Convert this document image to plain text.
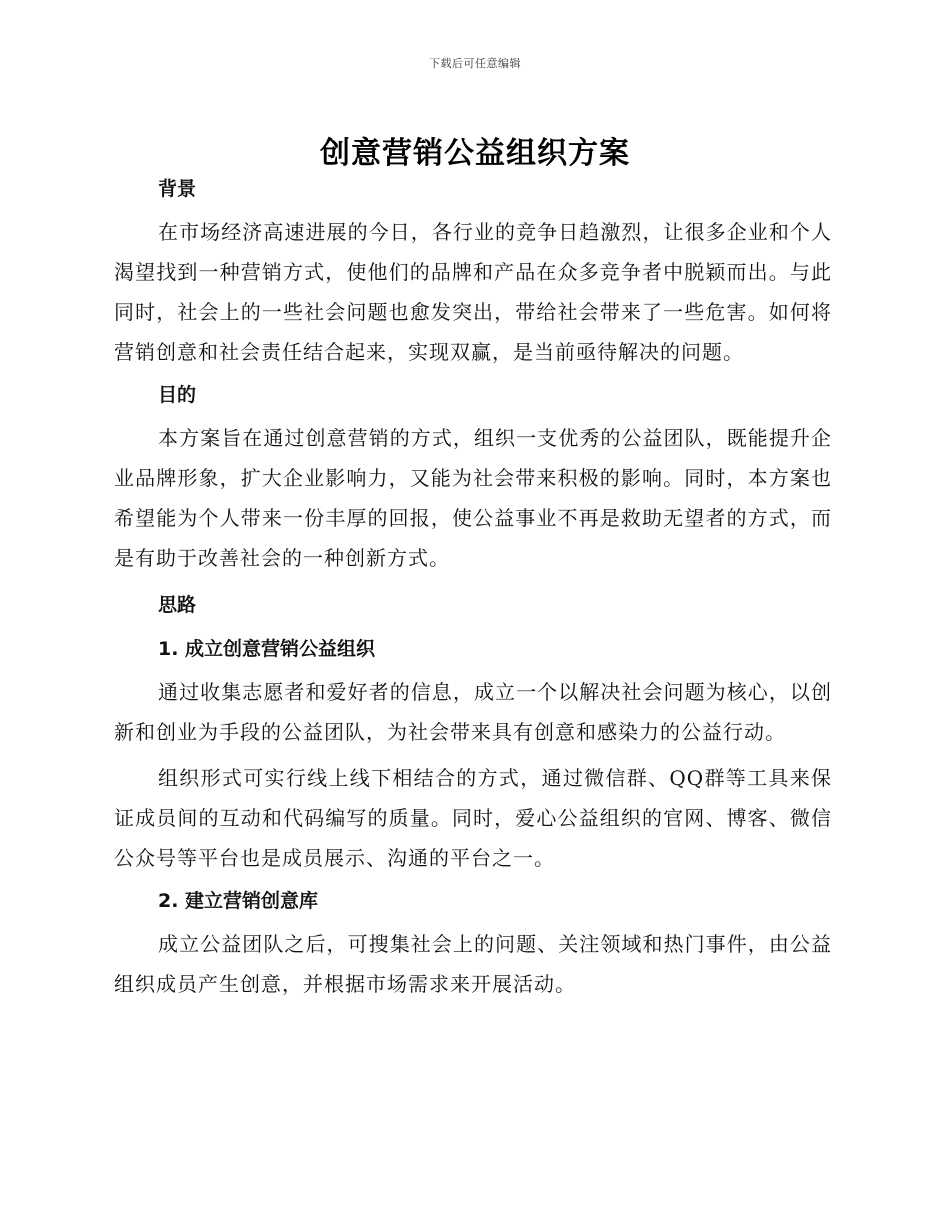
下载后可任意编辑
创意营销公益组织方案
背景

在市场经济高速进展的今日，各行业的竞争日趋激烈，让很多企业和个人渴望找到一种营销方式，使他们的品牌和产品在众多竞争者中脱颖而出。与此同时，社会上的一些社会问题也愈发突出，带给社会带来了一些危害。如何将营销创意和社会责任结合起来，实现双赢，是当前亟待解决的问题。

目的

本方案旨在通过创意营销的方式，组织一支优秀的公益团队，既能提升企业品牌形象，扩大企业影响力，又能为社会带来积极的影响。同时，本方案也希望能为个人带来一份丰厚的回报，使公益事业不再是救助无望者的方式，而是有助于改善社会的一种创新方式。

思路
1. 成立创意营销公益组织

通过收集志愿者和爱好者的信息，成立一个以解决社会问题为核心，以创新和创业为手段的公益团队，为社会带来具有创意和感染力的公益行动。

组织形式可实行线上线下相结合的方式，通过微信群、QQ群等工具来保证成员间的互动和代码编写的质量。同时，爱心公益组织的官网、博客、微信公众号等平台也是成员展示、沟通的平台之一。

2. 建立营销创意库

成立公益团队之后，可搜集社会上的问题、关注领域和热门事件，由公益组织成员产生创意，并根据市场需求来开展活动。
